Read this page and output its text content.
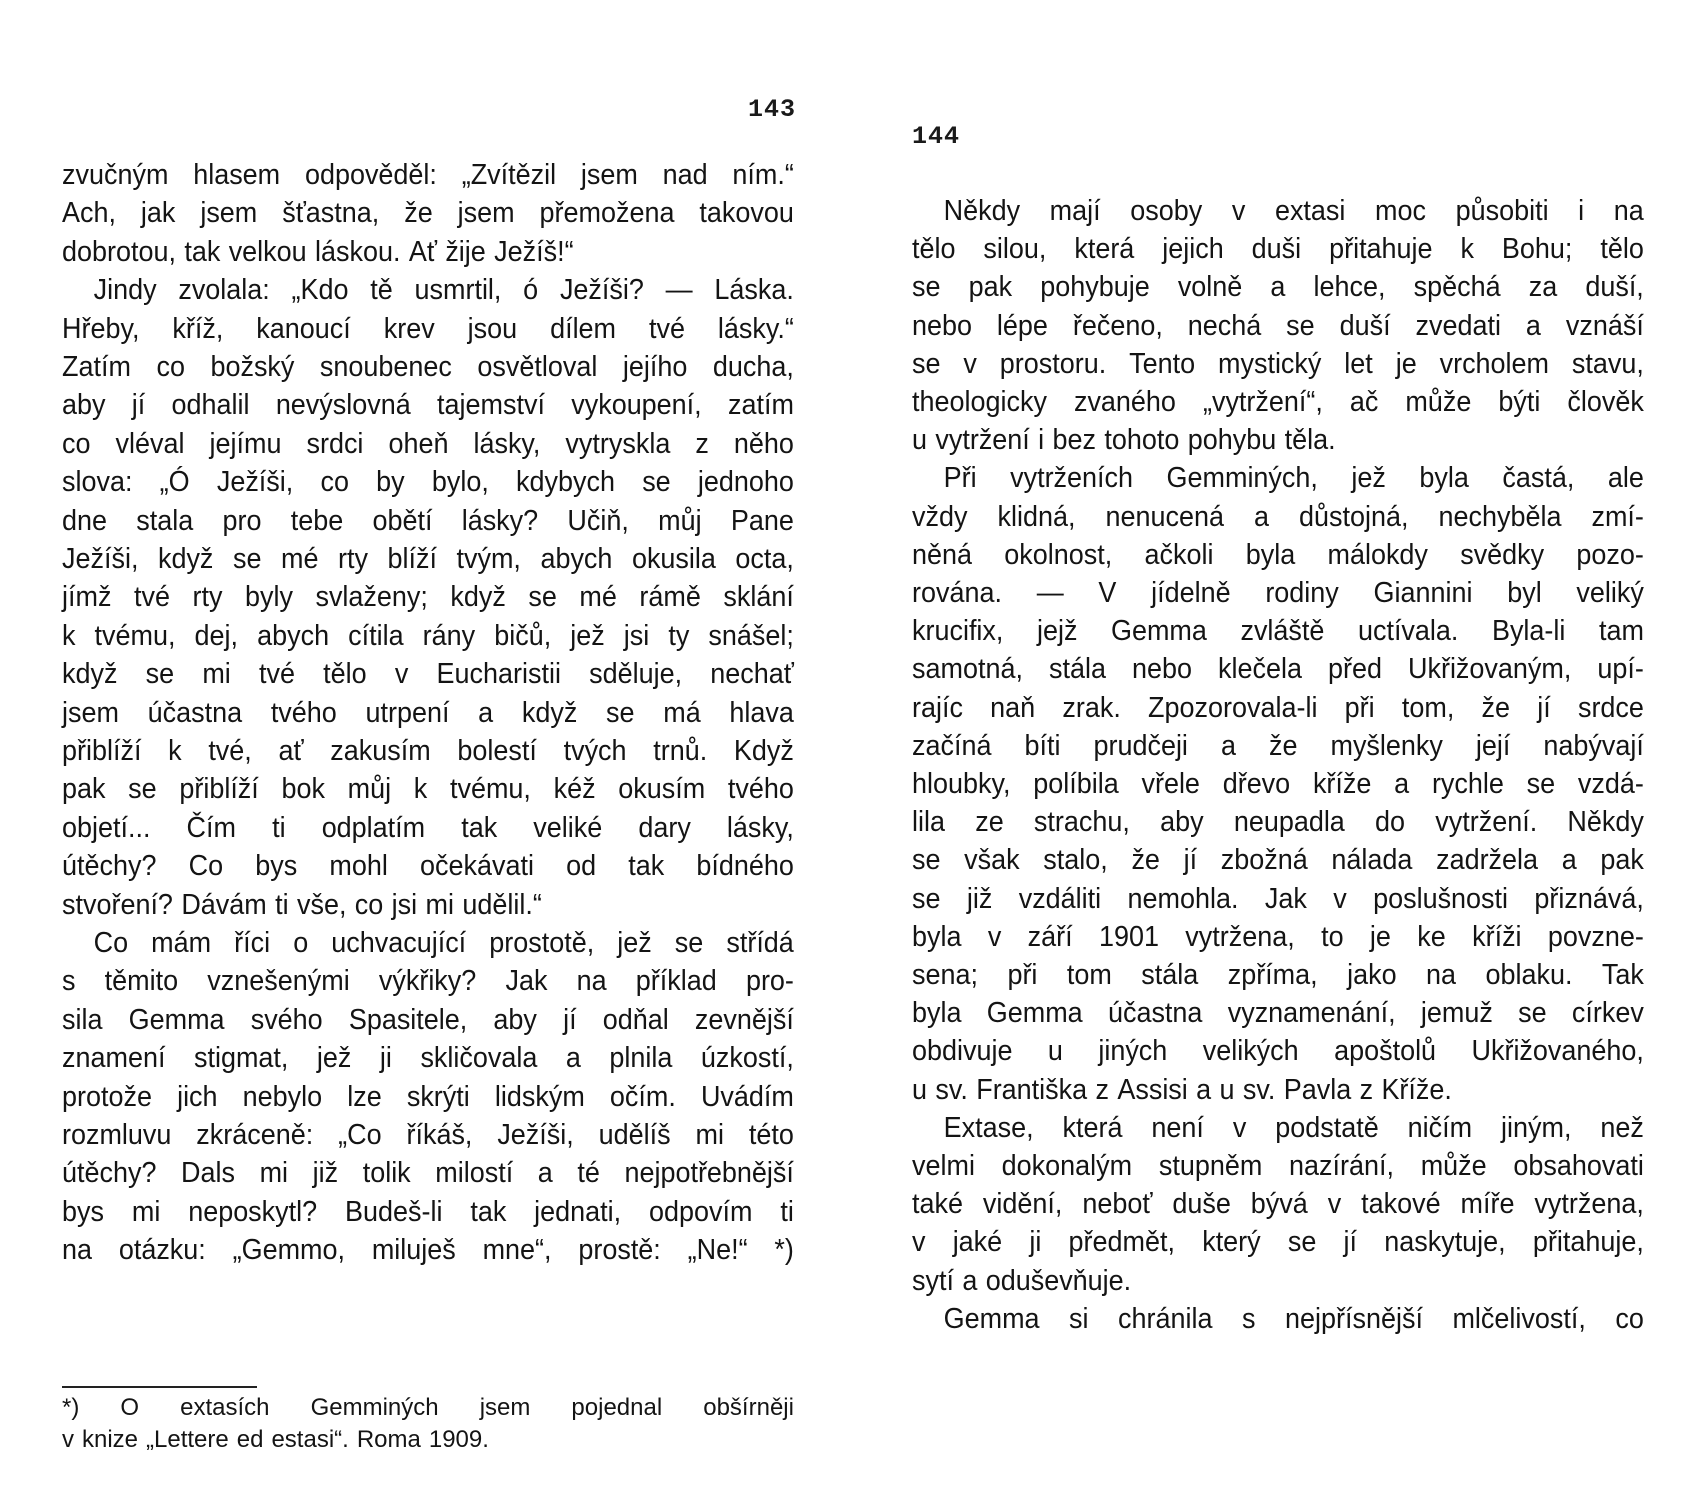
143
zvučným hlasem odpověděl: „Zvítězil jsem nad ním.“
Ach, jak jsem šťastna, že jsem přemožena takovou
dobrotou, tak velkou láskou. Ať žije Ježíš!“
Jindy zvolala: „Kdo tě usmrtil, ó Ježíši? — Láska.
Hřeby, kříž, kanoucí krev jsou dílem tvé lásky.“
Zatím co božský snoubenec osvětloval jejího ducha,
aby jí odhalil nevýslovná tajemství vykoupení, zatím
co vléval jejímu srdci oheň lásky, vytryskla z něho
slova: „Ó Ježíši, co by bylo, kdybych se jednoho
dne stala pro tebe obětí lásky? Učiň, můj Pane
Ježíši, když se mé rty blíží tvým, abych okusila octa,
jímž tvé rty byly svlaženy; když se mé rámě sklání
k tvému, dej, abych cítila rány bičů, jež jsi ty snášel;
když se mi tvé tělo v Eucharistii sděluje, nechať
jsem účastna tvého utrpení a když se má hlava
přiblíží k tvé, ať zakusím bolestí tvých trnů. Když
pak se přiblíží bok můj k tvému, kéž okusím tvého
objetí... Čím ti odplatím tak veliké dary lásky,
útěchy? Co bys mohl očekávati od tak bídného
stvoření? Dávám ti vše, co jsi mi udělil.“
Co mám říci o uchvacující prostotě, jež se střídá
s těmito vznešenými výkřiky? Jak na příklad pro-
sila Gemma svého Spasitele, aby jí odňal zevnější
znamení stigmat, jež ji skličovala a plnila úzkostí,
protože jich nebylo lze skrýti lidským očím. Uvádím
rozmluvu zkráceně: „Co říkáš, Ježíši, udělíš mi této
útěchy? Dals mi již tolik milostí a té nejpotřebnější
bys mi neposkytl? Budeš-li tak jednati, odpovím ti
na otázku: „Gemmo, miluješ mne“, prostě: „Ne!“ *)
*) O extasích Gemminých jsem pojednal obšírněji
v knize „Lettere ed estasi“. Roma 1909.
144
Někdy mají osoby v extasi moc působiti i na
tělo silou, která jejich duši přitahuje k Bohu; tělo
se pak pohybuje volně a lehce, spěchá za duší,
nebo lépe řečeno, nechá se duší zvedati a vznáší
se v prostoru. Tento mystický let je vrcholem stavu,
theologicky zvaného „vytržení“, ač může býti člověk
u vytržení i bez tohoto pohybu těla.
Při vytrženích Gemminých, jež byla častá, ale
vždy klidná, nenucená a důstojná, nechyběla zmí-
něná okolnost, ačkoli byla málokdy svědky pozo-
rována. — V jídelně rodiny Giannini byl veliký
krucifix, jejž Gemma zvláště uctívala. Byla-li tam
samotná, stála nebo klečela před Ukřižovaným, upí-
rajíc naň zrak. Zpozorovala-li při tom, že jí srdce
začíná bíti prudčeji a že myšlenky její nabývají
hloubky, políbila vřele dřevo kříže a rychle se vzdá-
lila ze strachu, aby neupadla do vytržení. Někdy
se však stalo, že jí zbožná nálada zadržela a pak
se již vzdáliti nemohla. Jak v poslušnosti přiznává,
byla v září 1901 vytržena, to je ke kříži povzne-
sena; při tom stála zpříma, jako na oblaku. Tak
byla Gemma účastna vyznamenání, jemuž se církev
obdivuje u jiných velikých apoštolů Ukřižovaného,
u sv. Františka z Assisi a u sv. Pavla z Kříže.
Extase, která není v podstatě ničím jiným, než
velmi dokonalým stupněm nazírání, může obsahovati
také vidění, neboť duše bývá v takové míře vytržena,
v jaké ji předmět, který se jí naskytuje, přitahuje,
sytí a oduševňuje.
Gemma si chránila s nejpřísnější mlčelivostí, co
